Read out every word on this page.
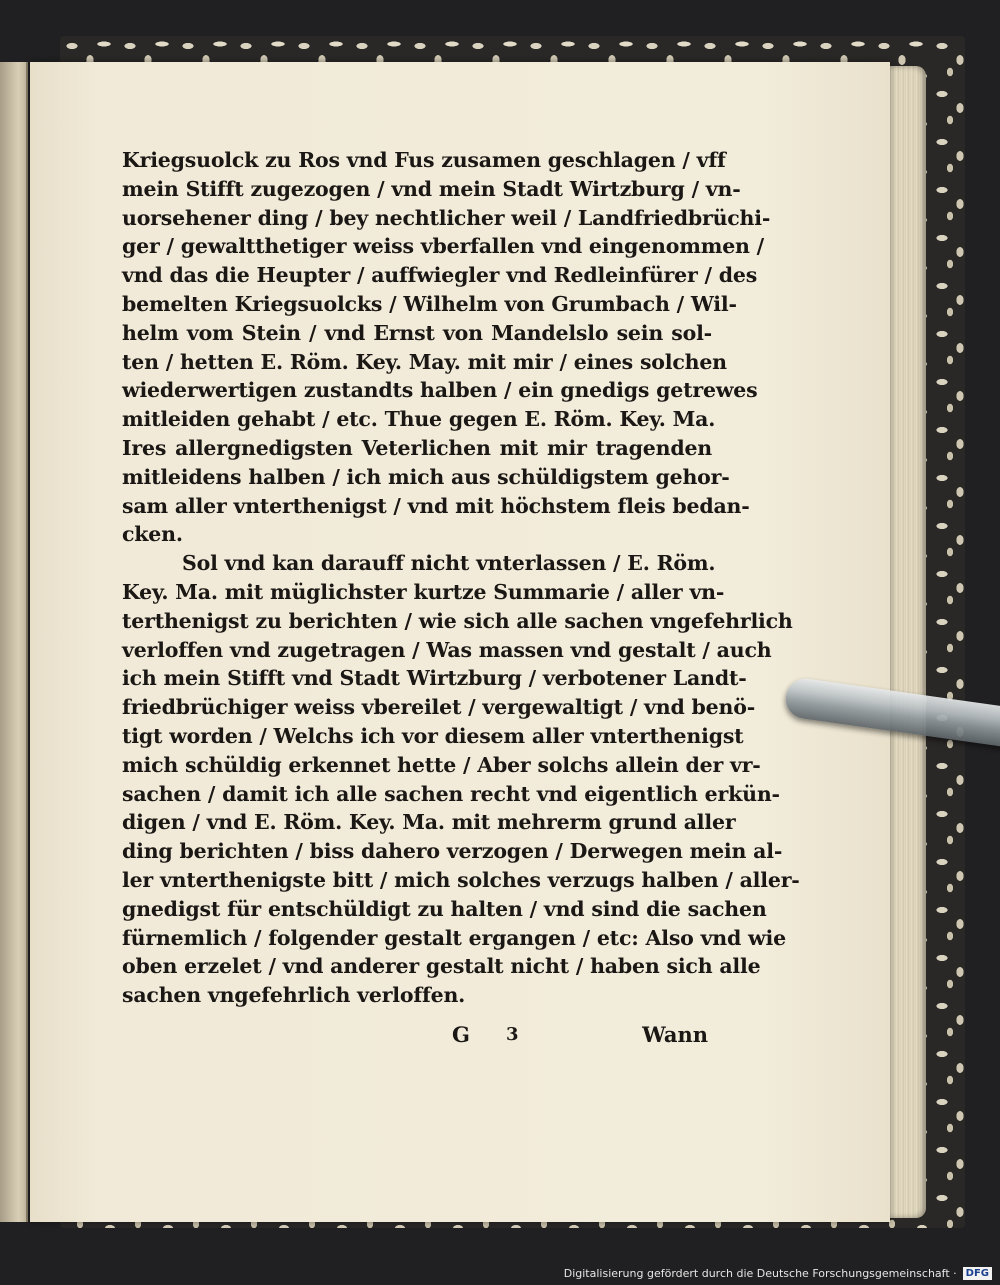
Kriegsuolck zu Ros vnd Fus zusamen geschlagen / vff
mein Stifft zugezogen / vnd mein Stadt Wirtzburg / vn-
uorsehener ding / bey nechtlicher weil / Landfriedbrüchi-
ger / gewaltthetiger weiss vberfallen vnd eingenommen /
vnd das die Heupter / auffwiegler vnd Redleinfürer / des
bemelten Kriegsuolcks / Wilhelm von Grumbach / Wil-
helm vom Stein / vnd Ernst von Mandelslo sein sol-
ten / hetten E. Röm. Key. May. mit mir / eines solchen
wiederwertigen zustandts halben / ein gnedigs getrewes
mitleiden gehabt / etc. Thue gegen E. Röm. Key. Ma.
Ires allergnedigsten Veterlichen mit mir tragenden
mitleidens halben / ich mich aus schüldigstem gehor-
sam aller vnterthenigst / vnd mit höchstem fleis bedan-
cken.
Sol vnd kan darauff nicht vnterlassen / E. Röm.
Key. Ma. mit müglichster kurtze Summarie / aller vn-
terthenigst zu berichten / wie sich alle sachen vngefehrlich
verloffen vnd zugetragen / Was massen vnd gestalt / auch
ich mein Stifft vnd Stadt Wirtzburg / verbotener Landt-
friedbrüchiger weiss vbereilet / vergewaltigt / vnd benö-
tigt worden / Welchs ich vor diesem aller vnterthenigst
mich schüldig erkennet hette / Aber solchs allein der vr-
sachen / damit ich alle sachen recht vnd eigentlich erkün-
digen / vnd E. Röm. Key. Ma. mit mehrerm grund aller
ding berichten / biss dahero verzogen / Derwegen mein al-
ler vnterthenigste bitt / mich solches verzugs halben / aller-
gnedigst für entschüldigt zu halten / vnd sind die sachen
fürnemlich / folgender gestalt ergangen / etc: Also vnd wie
oben erzelet / vnd anderer gestalt nicht / haben sich alle
sachen vngefehrlich verloffen.
G 3	Wann
Digitalisierung gefördert durch die Deutsche Forschungsgemeinschaft · DFG
